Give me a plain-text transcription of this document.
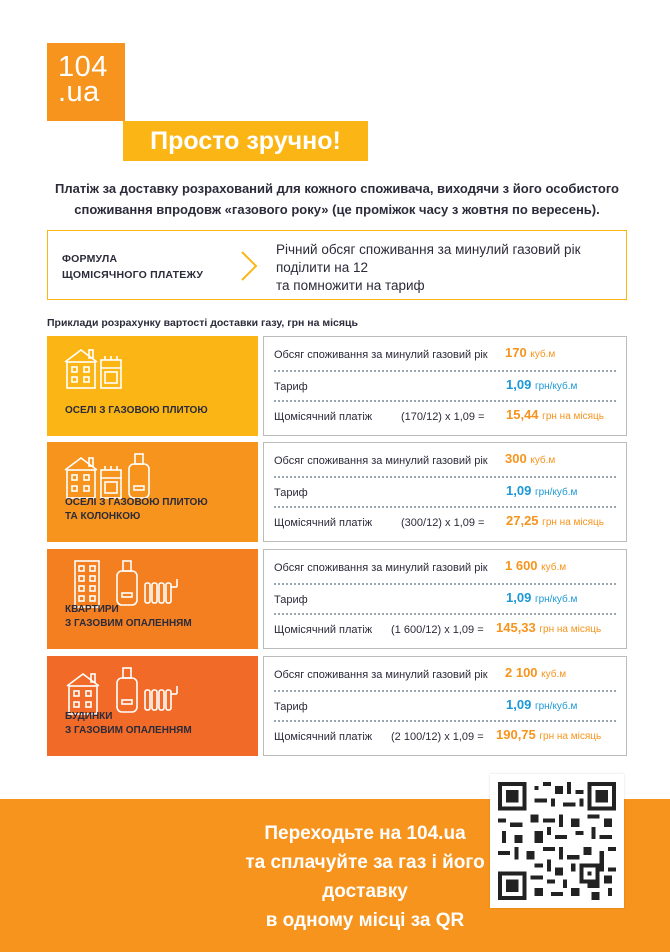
104
.ua
Просто зручно!
Платіж за доставку розрахований для кожного споживача, виходячи з його особистого споживання впродовж «газового року» (це проміжок часу з жовтня по вересень).
ФОРМУЛА
ЩОМІСЯЧНОГО ПЛАТЕЖУ
Річний обсяг споживання за минулий газовий рік
поділити на 12
та помножити на тариф
Приклади розрахунку вартості доставки газу, грн на місяць
ОСЕЛІ З ГАЗОВОЮ ПЛИТОЮ
Обсяг споживання за минулий газовий рік 170 куб.м
Тариф	1,09 грн/куб.м
Щомісячний платіж	(170/12) x 1,09 = 15,44 грн на місяць
ОСЕЛІ З ГАЗОВОЮ ПЛИТОЮ
ТА КОЛОНКОЮ
Обсяг споживання за минулий газовий рік 300 куб.м
Тариф	1,09 грн/куб.м
Щомісячний платіж	(300/12) x 1,09 = 27,25 грн на місяць
КВАРТИРИ
З ГАЗОВИМ ОПАЛЕННЯМ
Обсяг споживання за минулий газовий рік 1 600 куб.м
Тариф	1,09 грн/куб.м
Щомісячний платіж (1 600/12) x 1,09 = 145,33 грн на місяць
БУДИНКИ
З ГАЗОВИМ ОПАЛЕННЯМ
Обсяг споживання за минулий газовий рік 2 100 куб.м
Тариф	1,09 грн/куб.м
Щомісячний платіж (2 100/12) x 1,09 = 190,75 грн на місяць
Переходьте на 104.ua
та сплачуйте за газ і його доставку
в одному місці за QR
